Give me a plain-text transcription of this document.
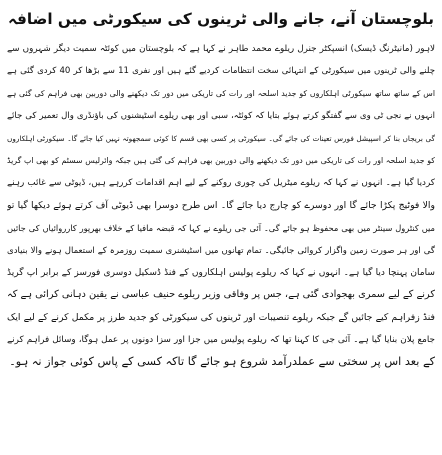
بلوچستان آنے، جانے والی ٹرینوں کی سیکورٹی میں اضافہ
لاہور (مانیٹرنگ ڈیسک) انسپکٹر جنرل ریلوے محمد طاہر نے کہا ہے کہ بلوچستان میں کوئٹہ سمیت دیگر شہروں سے
چلنے والی ٹرینوں میں سیکورٹی کے انتہائی سخت انتظامات کردیے گئے ہیں اور نفری 11 سے بڑھا کر 40 کردی گئی ہے
اس کے ساتھ ساتھ سیکورٹی اہلکاروں کو جدید اسلحہ اور رات کی تاریکی میں دور تک دیکھنے والی دوربین بھی فراہم کی گئی ہے
انہوں نے نجی ٹی وی سے گفتگو کرتے ہوئے بتایا کہ کوئٹہ، سبی اور بھی ریلوے اسٹیشنوں کی باؤنڈری وال تعمیر کی جائے
گی بریجاں بنا کر اسپیشل فورس تعینات کی جائے گی۔ سیکورٹی پر کسی بھی قسم کا کوئی سمجھوتہ نہیں کیا جائے گا۔ سیکورٹی اہلکاروں
کو جدید اسلحہ اور رات کی تاریکی میں دور تک دیکھنے والی دوربین بھی فراہم کی گئی ہیں جبکہ وائرلیس سسٹم کو بھی اپ گریڈ
کردیا گیا ہے۔ انہوں نے کہا کہ ریلوے میٹریل کی چوری روکنے کے لیے اہم اقدامات کررہے ہیں، ڈیوٹی سے غائب رہنے
والا فوٹیج پکڑا جائے گا اور دوسرے کو چارج دیا جائے گا۔ اس طرح دوسرا بھی ڈیوٹی آف کرتے ہوئے دیکھا گیا تو
میں کنٹرول سینٹر میں بھی محفوظ ہو جائے گی۔ آئی جی ریلوے نے کہا کہ قبضہ مافیا کے خلاف بھرپور کارروائیاں کی جائیں
گی اور ہر صورت زمین واگزار کروائی جائیگی۔ تمام تھانوں میں اسٹیشنری سمیت روزمرہ کے استعمال ہونے والا بنیادی
سامان پہنچا دیا گیا ہے۔ انہوں نے کہا کہ ریلوے پولیس اہلکاروں کے فنڈ ڈسکیل دوسری فورسز کے برابر اپ گریڈ
کرنے کے لیے سمری بھجوادی گئی ہے، جس پر وفاقی وزیر ریلوے حنیف عباسی نے یقین دہانی کرائی ہے کہ
فنڈ زفراہم کیے جائیں گے جبکہ ریلوے تنصیبات اور ٹرینوں کی سیکورٹی کو جدید طرز پر مکمل کرنے کے لیے ایک
جامع پلان بنایا گیا ہے۔ آئی جی کا کہنا تھا کہ ریلوے پولیس میں جزا اور سزا دونوں پر عمل ہوگا، وسائل فراہم کرنے
کے بعد اس پر سختی سے عملدرآمد شروع ہو جائے گا تاکہ کسی کے پاس کوئی جواز نہ ہو۔
